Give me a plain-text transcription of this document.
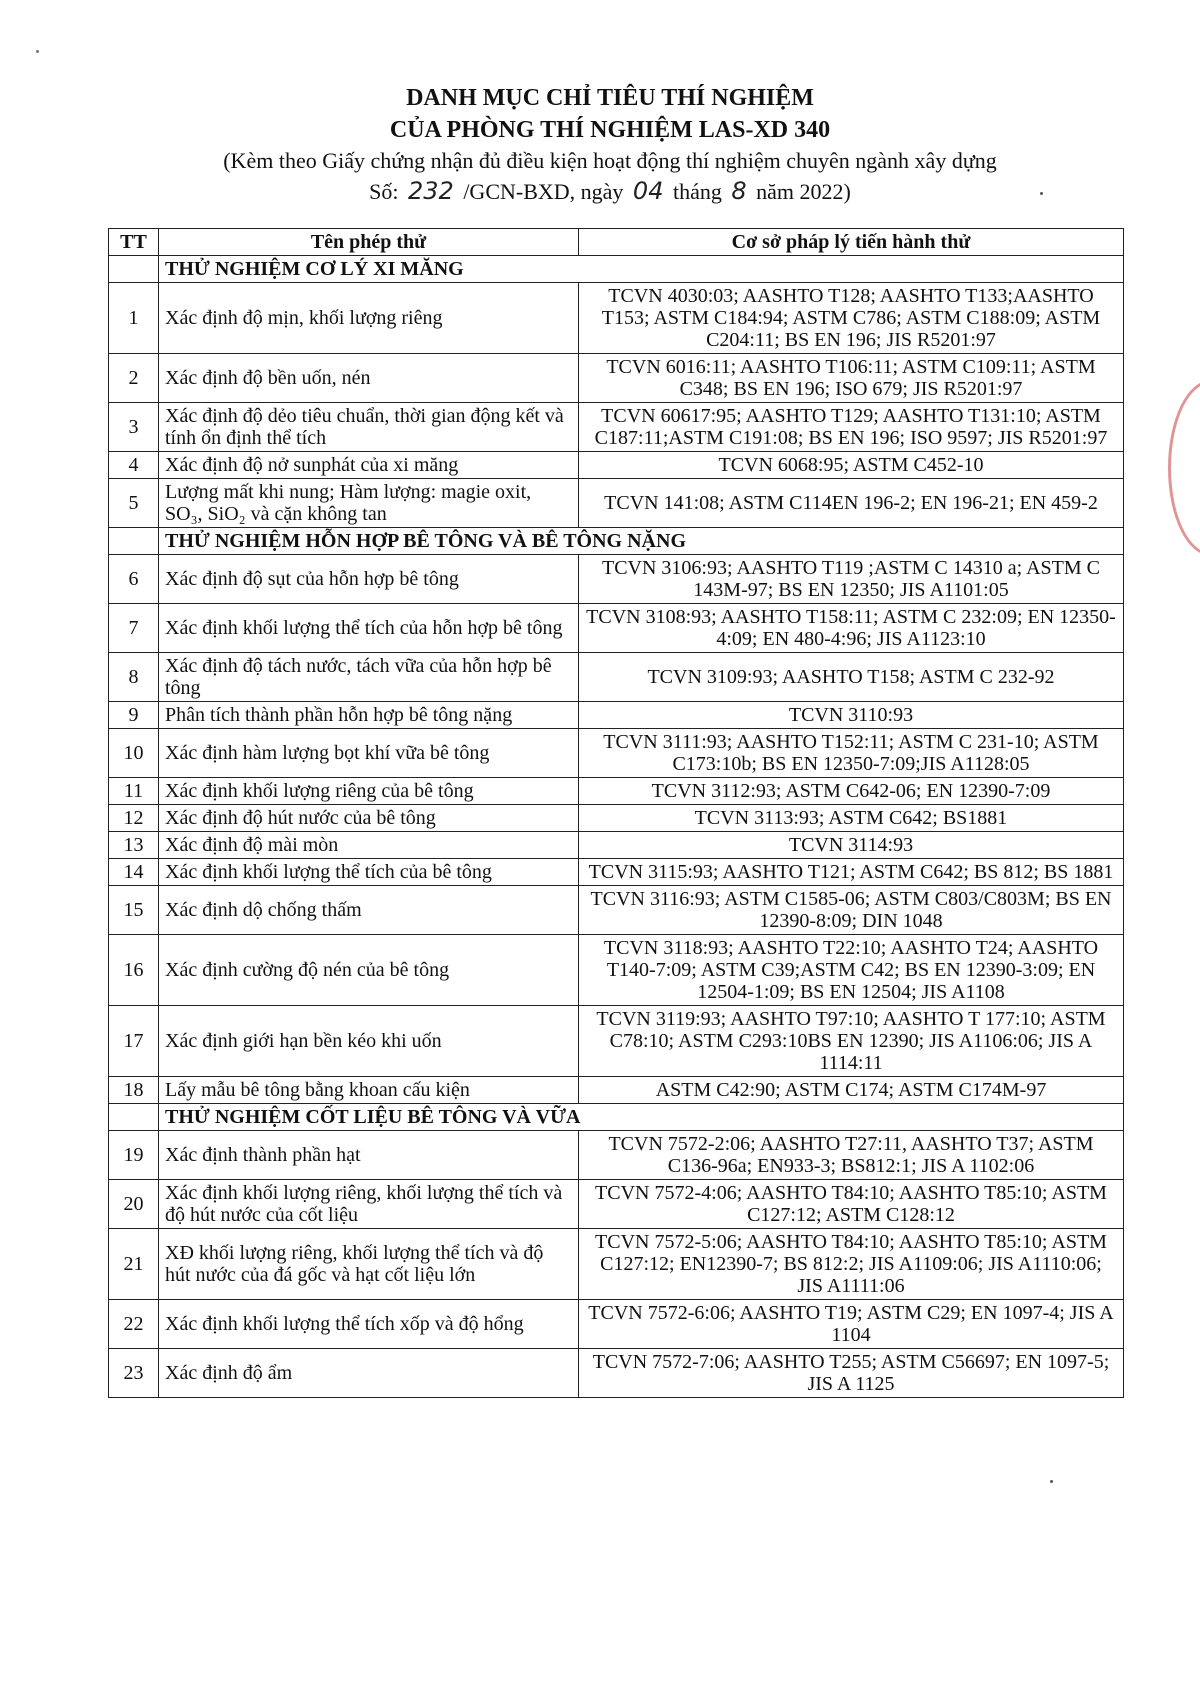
DANH MỤC CHỈ TIÊU THÍ NGHIỆM

CỦA PHÒNG THÍ NGHIỆM LAS-XD 340

(Kèm theo Giấy chứng nhận đủ điều kiện hoạt động thí nghiệm chuyên ngành xây dựng

Số: 232 /GCN-BXD, ngày 04 tháng 8 năm 2022)

TT	Tên phép thử	Cơ sở pháp lý tiến hành thử
	THỬ NGHIỆM CƠ LÝ XI MĂNG	
1	Xác định độ mịn, khối lượng riêng	TCVN 4030:03; AASHTO T128; AASHTO T133;AASHTO T153; ASTM C184:94; ASTM C786; ASTM C188:09; ASTM C204:11; BS EN 196; JIS R5201:97
2	Xác định độ bền uốn, nén	TCVN 6016:11; AASHTO T106:11; ASTM C109:11; ASTM C348; BS EN 196; ISO 679; JIS R5201:97
3	Xác định độ dẻo tiêu chuẩn, thời gian động kết và tính ổn định thể tích	TCVN 60617:95; AASHTO T129; AASHTO T131:10; ASTM C187:11;ASTM C191:08; BS EN 196; ISO 9597; JIS R5201:97
4	Xác định độ nở sunphát của xi măng	TCVN 6068:95; ASTM C452-10
5	Lượng mất khi nung; Hàm lượng: magie oxit, SO₃, SiO₂ và cặn không tan	TCVN 141:08; ASTM C114EN 196-2; EN 196-21; EN 459-2
	THỬ NGHIỆM HỖN HỢP BÊ TÔNG VÀ BÊ TÔNG NẶNG	
6	Xác định độ sụt của hỗn hợp bê tông	TCVN 3106:93; AASHTO T119 ;ASTM C 14310 a; ASTM C 143M-97; BS EN 12350; JIS A1101:05
7	Xác định khối lượng thể tích của hỗn hợp bê tông	TCVN 3108:93; AASHTO T158:11; ASTM C 232:09; EN 12350-4:09; EN 480-4:96; JIS A1123:10
8	Xác định độ tách nước, tách vữa của hỗn hợp bê tông	TCVN 3109:93; AASHTO T158; ASTM C 232-92
9	Phân tích thành phần hỗn hợp bê tông nặng	TCVN 3110:93
10	Xác định hàm lượng bọt khí vữa bê tông	TCVN 3111:93; AASHTO T152:11; ASTM C 231-10; ASTM C173:10b; BS EN 12350-7:09;JIS A1128:05
11	Xác định khối lượng riêng của bê tông	TCVN 3112:93; ASTM C642-06; EN 12390-7:09
12	Xác định độ hút nước của bê tông	TCVN 3113:93; ASTM C642; BS1881
13	Xác định độ mài mòn	TCVN 3114:93
14	Xác định khối lượng thể tích của bê tông	TCVN 3115:93; AASHTO T121; ASTM C642; BS 812; BS 1881
15	Xác định dộ chống thấm	TCVN 3116:93; ASTM C1585-06; ASTM C803/C803M; BS EN 12390-8:09; DIN 1048
16	Xác định cường độ nén của bê tông	TCVN 3118:93; AASHTO T22:10; AASHTO T24; AASHTO T140-7:09; ASTM C39;ASTM C42; BS EN 12390-3:09; EN 12504-1:09; BS EN 12504; JIS A1108
17	Xác định giới hạn bền kéo khi uốn	TCVN 3119:93; AASHTO T97:10; AASHTO T 177:10; ASTM C78:10; ASTM C293:10BS EN 12390; JIS A1106:06; JIS A 1114:11
18	Lấy mẫu bê tông bằng khoan cấu kiện	ASTM C42:90; ASTM C174; ASTM C174M-97
	THỬ NGHIỆM CỐT LIỆU BÊ TÔNG VÀ VỮA	
19	Xác định thành phần hạt	TCVN 7572-2:06; AASHTO T27:11, AASHTO T37; ASTM C136-96a; EN933-3; BS812:1; JIS A 1102:06
20	Xác định khối lượng riêng, khối lượng thể tích và độ hút nước của cốt liệu	TCVN 7572-4:06; AASHTO T84:10; AASHTO T85:10; ASTM C127:12; ASTM C128:12
21	XĐ khối lượng riêng, khối lượng thể tích và độ hút nước của đá gốc và hạt cốt liệu lớn	TCVN 7572-5:06; AASHTO T84:10; AASHTO T85:10; ASTM C127:12; EN12390-7; BS 812:2; JIS A1109:06; JIS A1110:06; JIS A1111:06
22	Xác định khối lượng thể tích xốp và độ hổng	TCVN 7572-6:06; AASHTO T19; ASTM C29; EN 1097-4; JIS A 1104
23	Xác định độ ẩm	TCVN 7572-7:06; AASHTO T255; ASTM C56697; EN 1097-5; JIS A 1125
